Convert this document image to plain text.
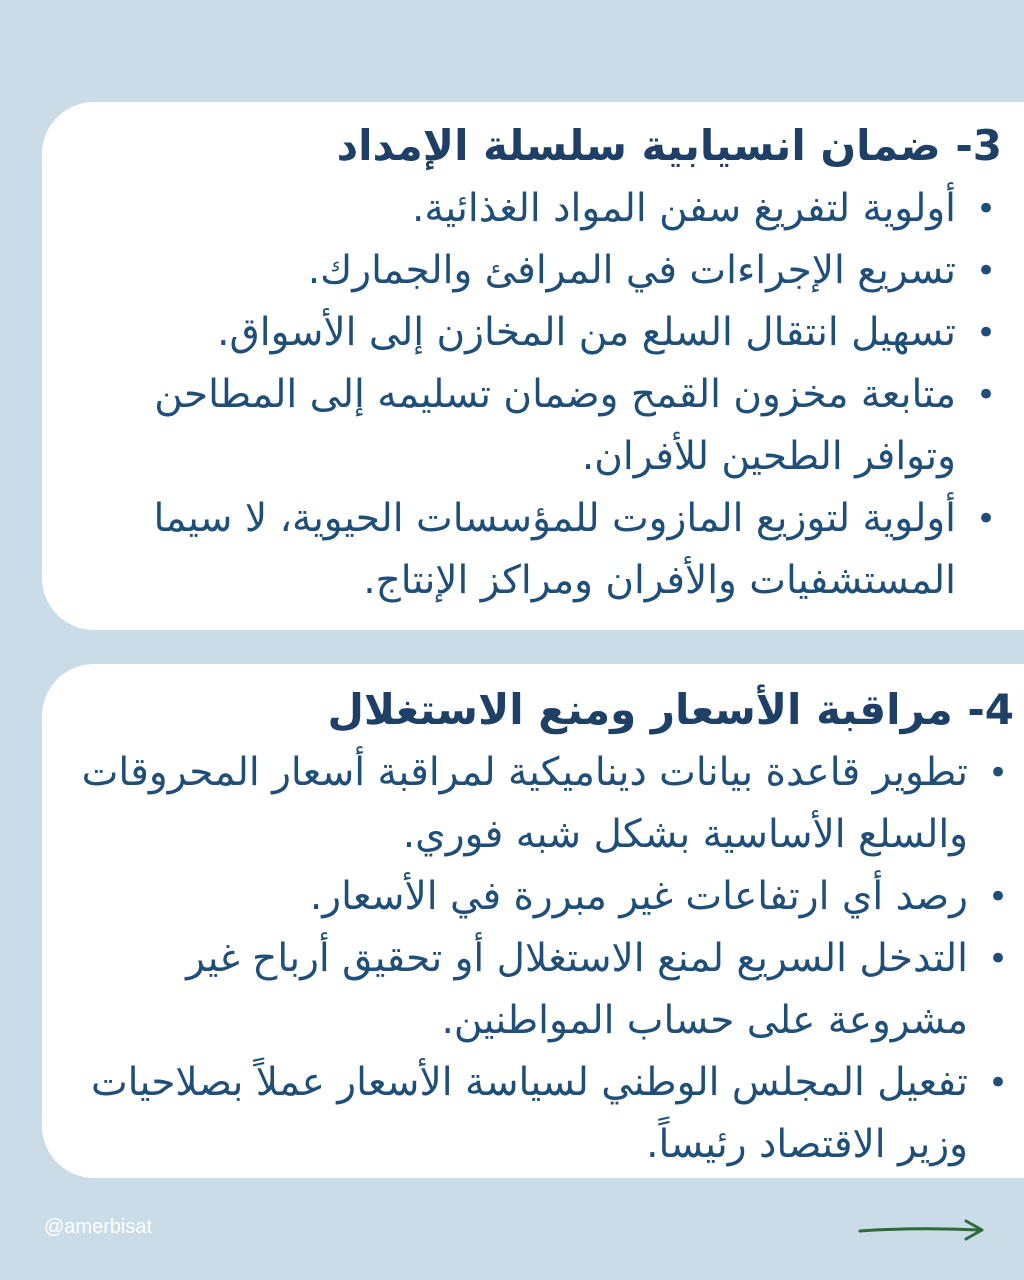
3- ضمان انسيابية سلسلة الإمداد
•
أولوية لتفريغ سفن المواد الغذائية.
•
تسريع الإجراءات في المرافئ والجمارك.
•
تسهيل انتقال السلع من المخازن إلى الأسواق.
•
متابعة مخزون القمح وضمان تسليمه إلى المطاحن وتوافر الطحين للأفران.
•
أولوية لتوزيع المازوت للمؤسسات الحيوية، لا سيما المستشفيات والأفران ومراكز الإنتاج.
4- مراقبة الأسعار ومنع الاستغلال
•
تطوير قاعدة بيانات ديناميكية لمراقبة أسعار المحروقات والسلع الأساسية بشكل شبه فوري.
•
رصد أي ارتفاعات غير مبررة في الأسعار.
•
التدخل السريع لمنع الاستغلال أو تحقيق أرباح غير مشروعة على حساب المواطنين.
•
تفعيل المجلس الوطني لسياسة الأسعار عملاً بصلاحيات وزير الاقتصاد رئيساً.
@amerbisat
